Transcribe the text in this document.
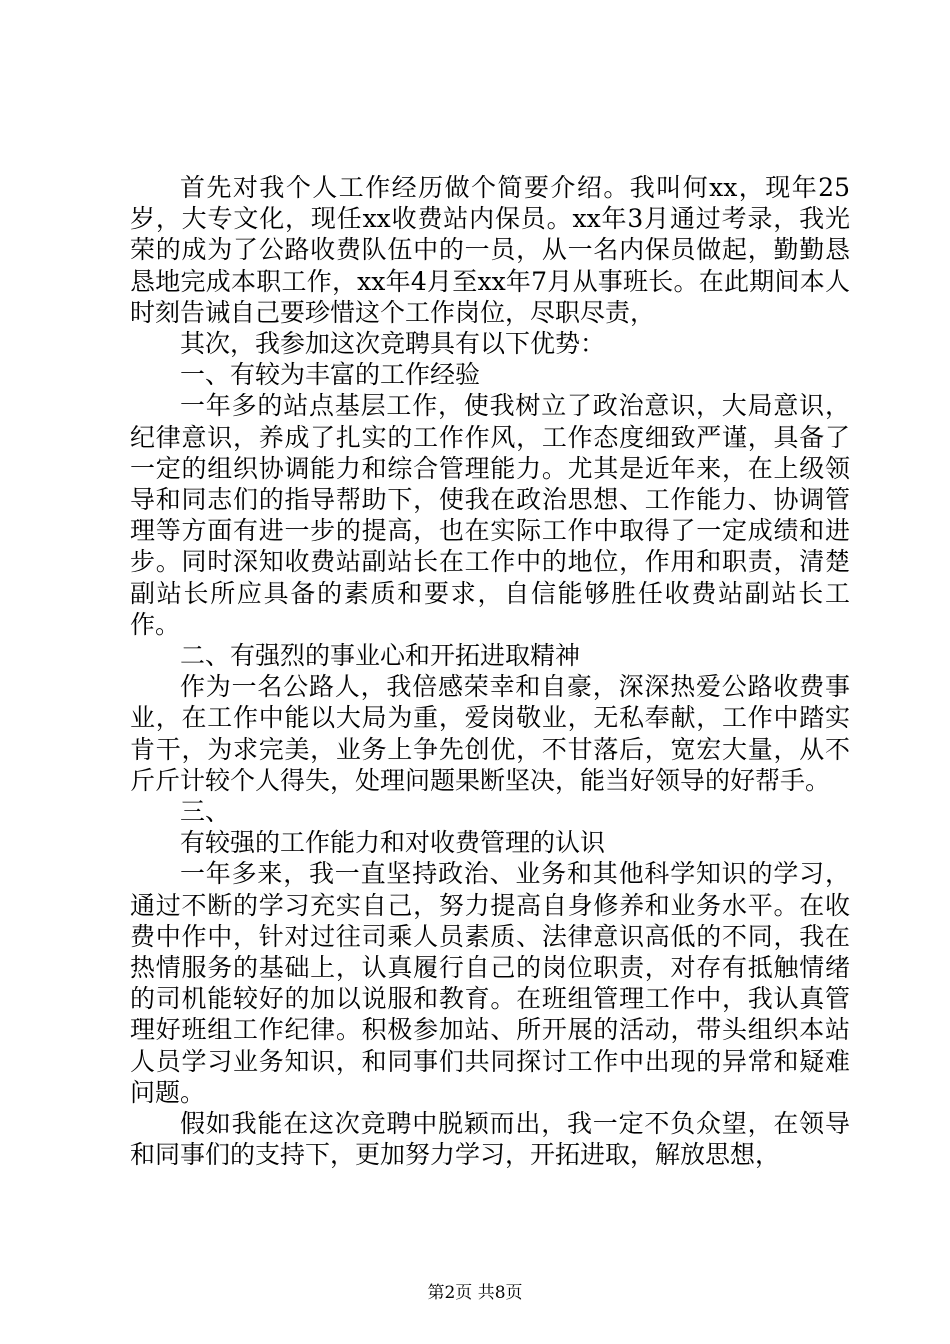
首先对我个人工作经历做个简要介绍。我叫何xx，现年25岁，大专文化，现任xx收费站内保员。xx年3月通过考录，我光荣的成为了公路收费队伍中的一员，从一名内保员做起，勤勤恳恳地完成本职工作，xx年4月至xx年7月从事班长。在此期间本人时刻告诫自己要珍惜这个工作岗位，尽职尽责，

其次，我参加这次竞聘具有以下优势：

一、有较为丰富的工作经验

一年多的站点基层工作，使我树立了政治意识，大局意识，纪律意识，养成了扎实的工作作风，工作态度细致严谨，具备了一定的组织协调能力和综合管理能力。尤其是近年来，在上级领导和同志们的指导帮助下，使我在政治思想、工作能力、协调管理等方面有进一步的提高，也在实际工作中取得了一定成绩和进步。同时深知收费站副站长在工作中的地位，作用和职责，清楚副站长所应具备的素质和要求，自信能够胜任收费站副站长工作。

二、有强烈的事业心和开拓进取精神

作为一名公路人，我倍感荣幸和自豪，深深热爱公路收费事业，在工作中能以大局为重，爱岗敬业，无私奉献，工作中踏实肯干，为求完美，业务上争先创优，不甘落后，宽宏大量，从不斤斤计较个人得失，处理问题果断坚决，能当好领导的好帮手。

三、

有较强的工作能力和对收费管理的认识

一年多来，我一直坚持政治、业务和其他科学知识的学习，通过不断的学习充实自己，努力提高自身修养和业务水平。在收费中作中，针对过往司乘人员素质、法律意识高低的不同，我在热情服务的基础上，认真履行自己的岗位职责，对存有抵触情绪的司机能较好的加以说服和教育。在班组管理工作中，我认真管理好班组工作纪律。积极参加站、所开展的活动，带头组织本站人员学习业务知识，和同事们共同探讨工作中出现的异常和疑难问题。

假如我能在这次竞聘中脱颖而出，我一定不负众望，在领导和同事们的支持下，更加努力学习，开拓进取，解放思想，

第2页 共8页
